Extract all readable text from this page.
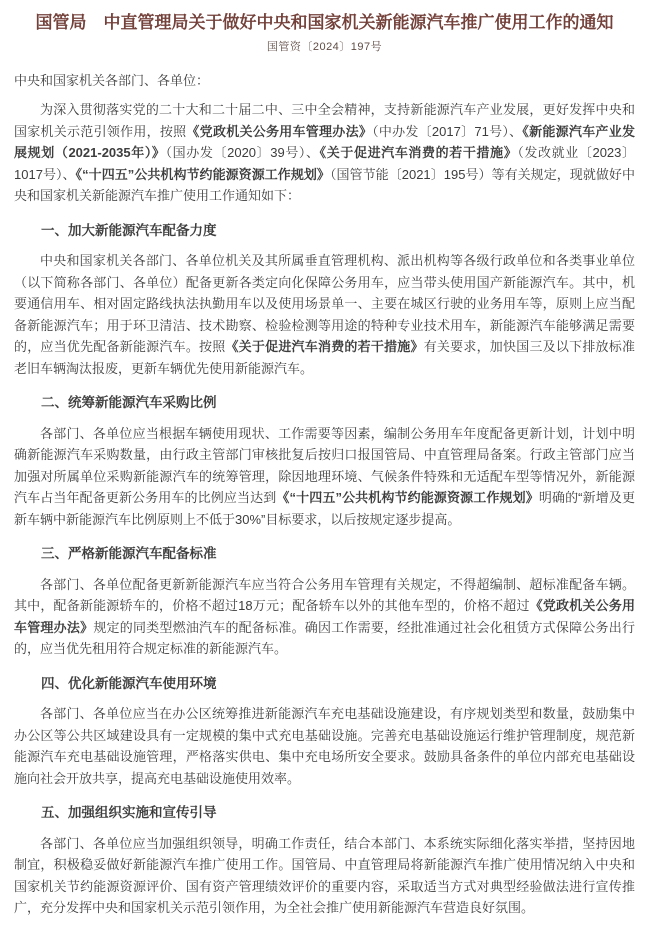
国管局　中直管理局关于做好中央和国家机关新能源汽车推广使用工作的通知
国管资〔2024〕197号

中央和国家机关各部门、各单位：

为深入贯彻落实党的二十大和二十届二中、三中全会精神，支持新能源汽车产业发展，更好发挥中央和国家机关示范引领作用，按照《党政机关公务用车管理办法》（中办发〔2017〕71号）、《新能源汽车产业发展规划（2021-2035年）》（国办发〔2020〕39号）、《关于促进汽车消费的若干措施》（发改就业〔2023〕1017号）、《“十四五”公共机构节约能源资源工作规划》（国管节能〔2021〕195号）等有关规定，现就做好中央和国家机关新能源汽车推广使用工作通知如下：

一、加大新能源汽车配备力度

中央和国家机关各部门、各单位机关及其所属垂直管理机构、派出机构等各级行政单位和各类事业单位（以下简称各部门、各单位）配备更新各类定向化保障公务用车，应当带头使用国产新能源汽车。其中，机要通信用车、相对固定路线执法执勤用车以及使用场景单一、主要在城区行驶的业务用车等，原则上应当配备新能源汽车；用于环卫清洁、技术勘察、检验检测等用途的特种专业技术用车，新能源汽车能够满足需要的，应当优先配备新能源汽车。按照《关于促进汽车消费的若干措施》有关要求，加快国三及以下排放标准老旧车辆淘汰报废，更新车辆优先使用新能源汽车。

二、统筹新能源汽车采购比例

各部门、各单位应当根据车辆使用现状、工作需要等因素，编制公务用车年度配备更新计划，计划中明确新能源汽车采购数量，由行政主管部门审核批复后按归口报国管局、中直管理局备案。行政主管部门应当加强对所属单位采购新能源汽车的统筹管理，除因地理环境、气候条件特殊和无适配车型等情况外，新能源汽车占当年配备更新公务用车的比例应当达到《“十四五”公共机构节约能源资源工作规划》明确的“新增及更新车辆中新能源汽车比例原则上不低于30%”目标要求，以后按规定逐步提高。

三、严格新能源汽车配备标准

各部门、各单位配备更新新能源汽车应当符合公务用车管理有关规定，不得超编制、超标准配备车辆。其中，配备新能源轿车的，价格不超过18万元；配备轿车以外的其他车型的，价格不超过《党政机关公务用车管理办法》规定的同类型燃油汽车的配备标准。确因工作需要，经批准通过社会化租赁方式保障公务出行的，应当优先租用符合规定标准的新能源汽车。

四、优化新能源汽车使用环境

各部门、各单位应当在办公区统筹推进新能源汽车充电基础设施建设，有序规划类型和数量，鼓励集中办公区等公共区域建设具有一定规模的集中式充电基础设施。完善充电基础设施运行维护管理制度，规范新能源汽车充电基础设施管理，严格落实供电、集中充电场所安全要求。鼓励具备条件的单位内部充电基础设施向社会开放共享，提高充电基础设施使用效率。

五、加强组织实施和宣传引导

各部门、各单位应当加强组织领导，明确工作责任，结合本部门、本系统实际细化落实举措，坚持因地制宜，积极稳妥做好新能源汽车推广使用工作。国管局、中直管理局将新能源汽车推广使用情况纳入中央和国家机关节约能源资源评价、国有资产管理绩效评价的重要内容，采取适当方式对典型经验做法进行宣传推广，充分发挥中央和国家机关示范引领作用，为全社会推广使用新能源汽车营造良好氛围。
